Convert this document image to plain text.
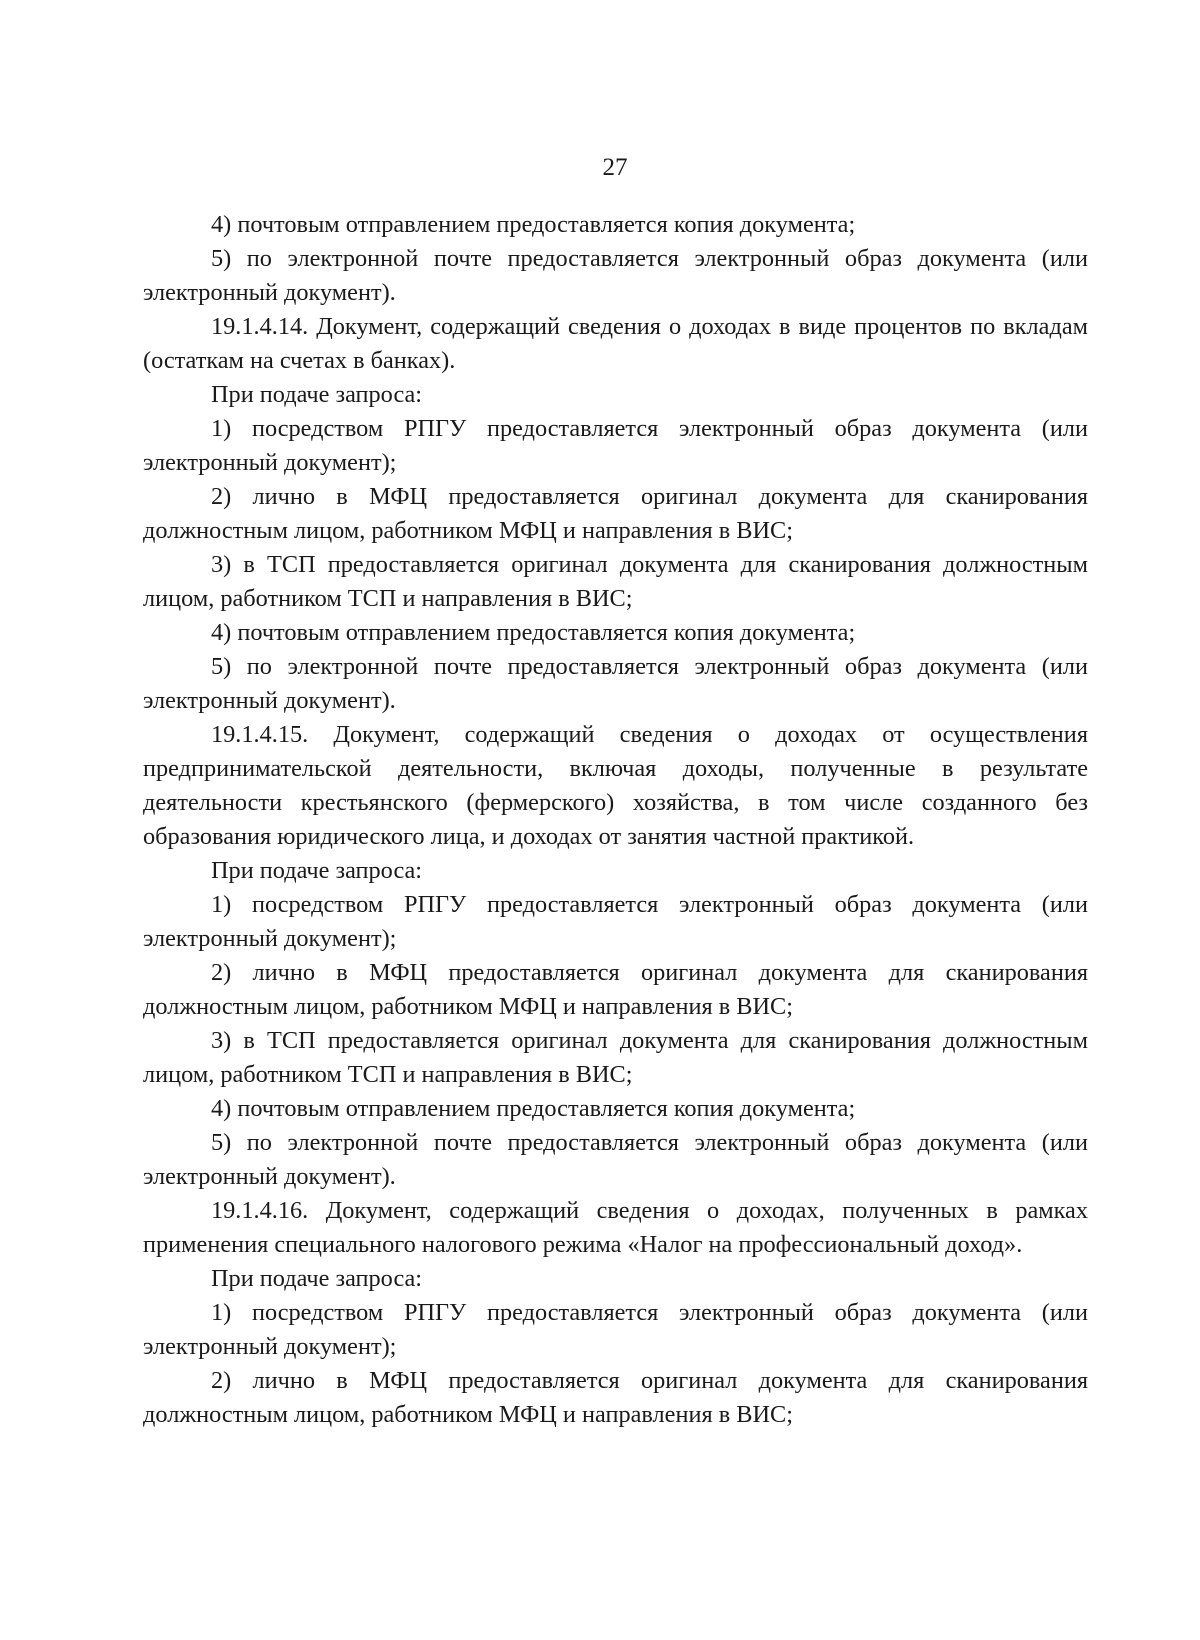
27

4) почтовым отправлением предоставляется копия документа;

5) по электронной почте предоставляется электронный образ документа (или электронный документ).

19.1.4.14. Документ, содержащий сведения о доходах в виде процентов по вкладам (остаткам на счетах в банках).

При подаче запроса:

1) посредством РПГУ предоставляется электронный образ документа (или электронный документ);

2) лично в МФЦ предоставляется оригинал документа для сканирования должностным лицом, работником МФЦ и направления в ВИС;

3) в ТСП предоставляется оригинал документа для сканирования должностным лицом, работником ТСП и направления в ВИС;

4) почтовым отправлением предоставляется копия документа;

5) по электронной почте предоставляется электронный образ документа (или электронный документ).

19.1.4.15. Документ, содержащий сведения о доходах от осуществления предпринимательской деятельности, включая доходы, полученные в результате деятельности крестьянского (фермерского) хозяйства, в том числе созданного без образования юридического лица, и доходах от занятия частной практикой.

При подаче запроса:

1) посредством РПГУ предоставляется электронный образ документа (или электронный документ);

2) лично в МФЦ предоставляется оригинал документа для сканирования должностным лицом, работником МФЦ и направления в ВИС;

3) в ТСП предоставляется оригинал документа для сканирования должностным лицом, работником ТСП и направления в ВИС;

4) почтовым отправлением предоставляется копия документа;

5) по электронной почте предоставляется электронный образ документа (или электронный документ).

19.1.4.16. Документ, содержащий сведения о доходах, полученных в рамках применения специального налогового режима «Налог на профессиональный доход».

При подаче запроса:

1) посредством РПГУ предоставляется электронный образ документа (или электронный документ);

2) лично в МФЦ предоставляется оригинал документа для сканирования должностным лицом, работником МФЦ и направления в ВИС;
